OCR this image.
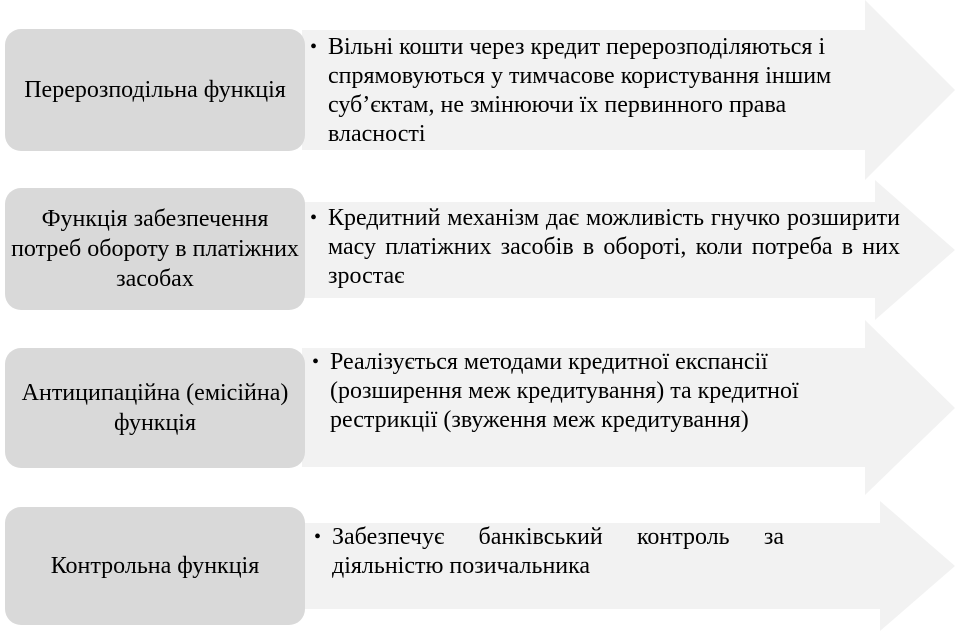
Перерозподільна функція
• Вільні кошти через кредит перерозподіляються і спрямовуються у тимчасове користування іншим суб’єктам, не змінюючи їх первинного права власності
Функція забезпечення потреб обороту в платіжних засобах
• Кредитний механізм дає можливість гнучко розширити масу платіжних засобів в обороті, коли потреба в них зростає
Антиципаційна (емісійна) функція
• Реалізується методами кредитної експансії (розширення меж кредитування) та кредитної рестрикції (звуження меж кредитування)
Контрольна функція
• Забезпечує банківський контроль за діяльністю позичальника
